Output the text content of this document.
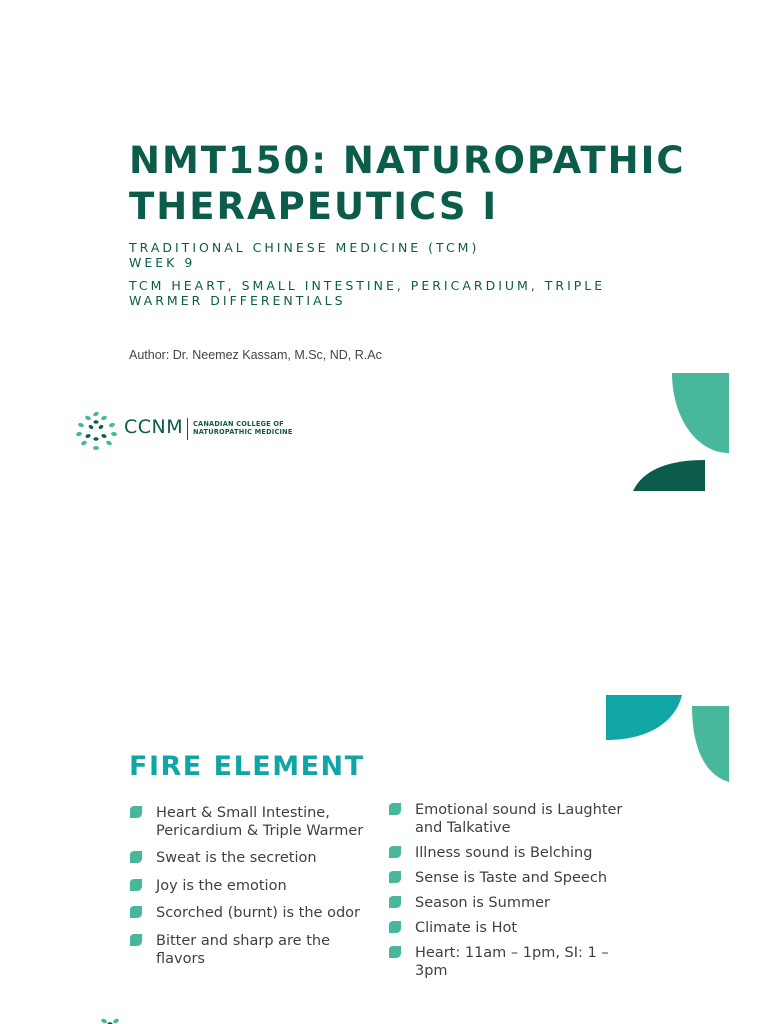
NMT150: NATUROPATHIC
THERAPEUTICS I
TRADITIONAL CHINESE MEDICINE (TCM)
WEEK 9
TCM HEART, SMALL INTESTINE, PERICARDIUM, TRIPLE
WARMER DIFFERENTIALS
Author: Dr. Neemez Kassam, M.Sc, ND, R.Ac
CCNM CANADIAN COLLEGE OF
NATUROPATHIC MEDICINE
FIRE ELEMENT
Heart & Small Intestine, Pericardium & Triple Warmer
Sweat is the secretion
Joy is the emotion
Scorched (burnt) is the odor
Bitter and sharp are the flavors
Emotional sound is Laughter and Talkative
Illness sound is Belching
Sense is Taste and Speech
Season is Summer
Climate is Hot
Heart: 11am – 1pm, SI: 1 – 3pm
